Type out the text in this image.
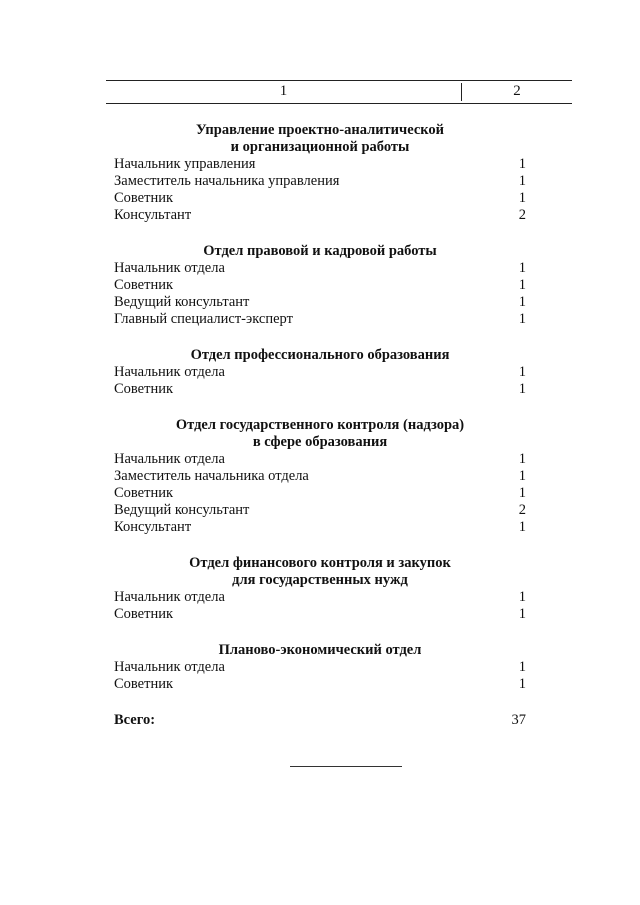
1	2
Управление проектно-аналитической
и организационной работы
Начальник управления	1
Заместитель начальника управления	1
Советник	1
Консультант	2
Отдел правовой и кадровой работы
Начальник отдела	1
Советник	1
Ведущий консультант	1
Главный специалист-эксперт	1
Отдел профессионального образования
Начальник отдела	1
Советник	1
Отдел государственного контроля (надзора)
в сфере образования
Начальник отдела	1
Заместитель начальника отдела	1
Советник	1
Ведущий консультант	2
Консультант	1
Отдел финансового контроля и закупок
для государственных нужд
Начальник отдела	1
Советник	1
Планово-экономический отдел
Начальник отдела	1
Советник	1
Всего:	37
